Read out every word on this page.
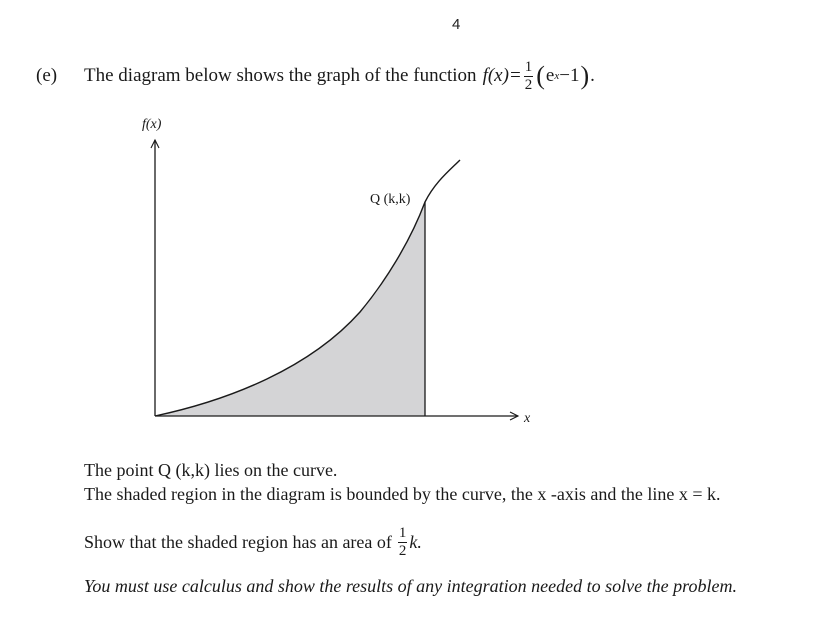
4
(e)	The diagram below shows the graph of the function $f(x)= \frac{1}{2}$ ( e x −1 ) .
f(x)
x
Q (k,k)
The point Q (k,k) lies on the curve.
The shaded region in the diagram is bounded by the curve, the x -axis and the line x = k.
Show that the shaded region has an area of $\frac{1}{2} k$.
You must use calculus and show the results of any integration needed to solve the problem.
